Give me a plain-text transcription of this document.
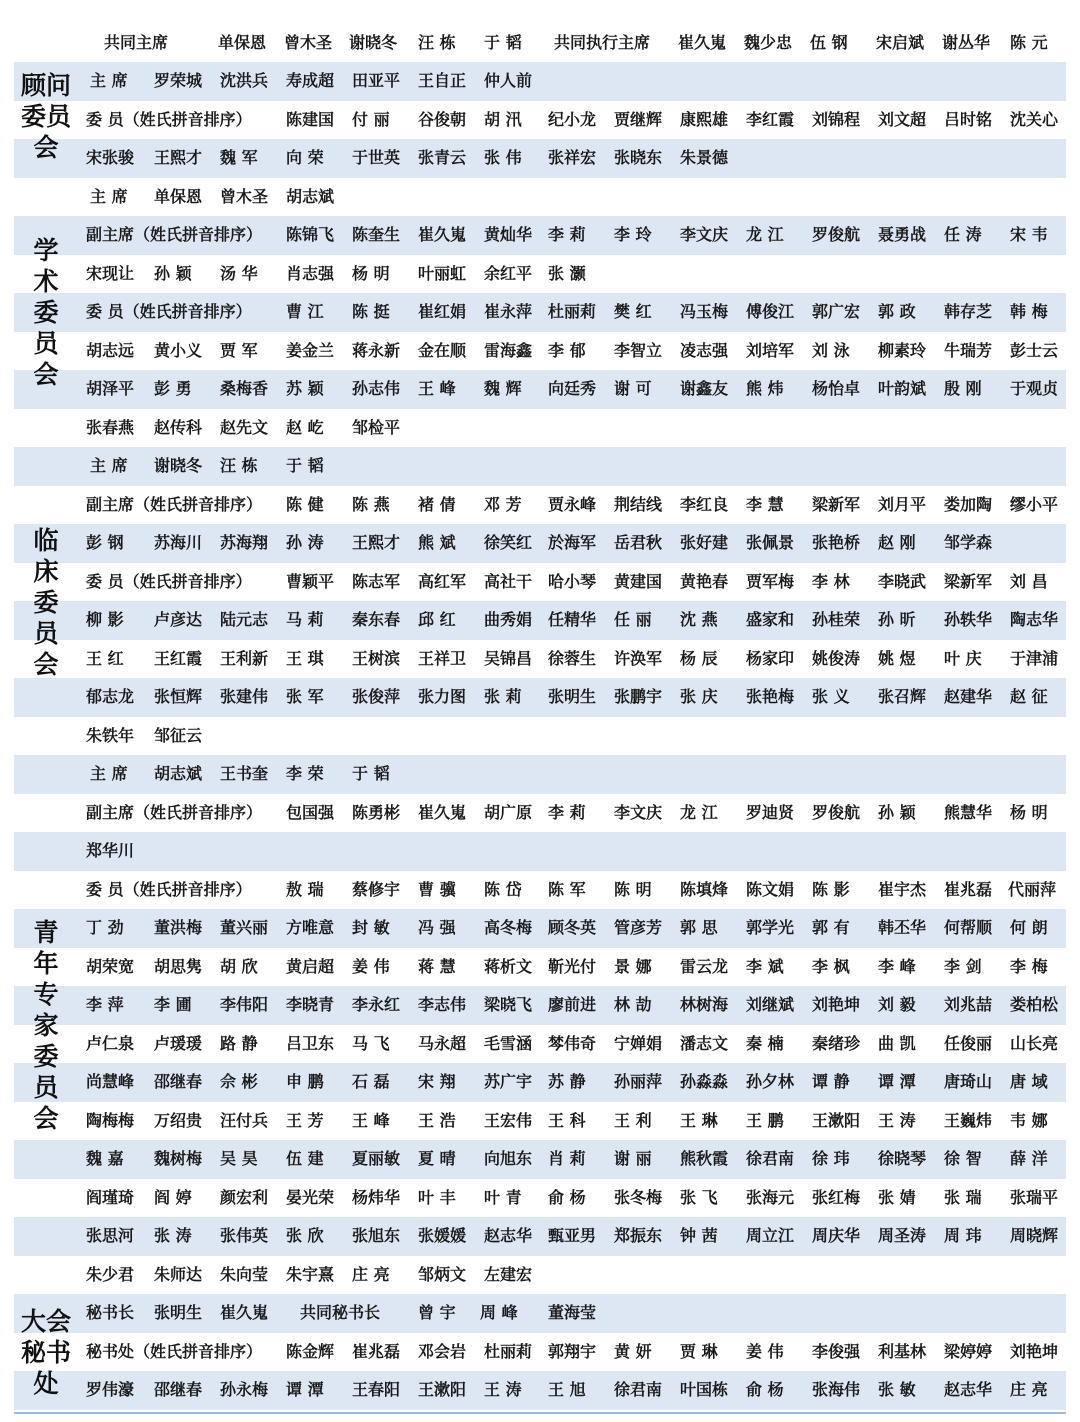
共同主席	单保恩 曾木圣 谢晓冬 汪 栋 于 韬 共同执行主席 崔久嵬 魏少忠 伍 钢 宋启斌 谢丛华 陈 元
主 席 罗荣城 沈洪兵 寿成超 田亚平 王自正 仲人前
委 员（姓氏拼音排序） 陈建国 付 丽 谷俊朝 胡 汛 纪小龙 贾继辉 康熙雄 李红霞 刘锦程 刘文超 吕时铭 沈关心
宋张骏 王熙才 魏 军 向 荣 于世英 张青云 张 伟 张祥宏 张晓东 朱景德
顾问
委员
会
主 席 单保恩 曾木圣 胡志斌
副主席（姓氏拼音排序） 陈锦飞 陈奎生 崔久嵬 黄灿华 李 莉 李 玲 李文庆 龙 江 罗俊航 聂勇战 任 涛 宋 韦
宋现让 孙 颖 汤 华 肖志强 杨 明 叶丽虹 余红平 张 灏
委 员（姓氏拼音排序） 曹 江 陈 挺 崔红娟 崔永萍 杜丽莉 樊 红 冯玉梅 傅俊江 郭广宏 郭 政 韩存芝 韩 梅
胡志远 黄小义 贾 军 姜金兰 蒋永新 金在顺 雷海鑫 李 郁 李智立 凌志强 刘培军 刘 泳 柳素玲 牛瑞芳 彭士云
胡泽平 彭 勇 桑梅香 苏 颖 孙志伟 王 峰 魏 辉 向廷秀 谢 可 谢鑫友 熊 炜 杨怡卓 叶韵斌 殷 刚 于观贞
张春燕 赵传科 赵先文 赵 屹 邹检平
学
术
委
员
会
主 席 谢晓冬 汪 栋 于 韬
副主席（姓氏拼音排序） 陈 健 陈 燕 褚 倩 邓 芳 贾永峰 荆结线 李红良 李 慧 梁新军 刘月平 娄加陶 缪小平
彭 钢 苏海川 苏海翔 孙 涛 王熙才 熊 斌 徐笑红 於海军 岳君秋 张好建 张佩景 张艳桥 赵 刚 邹学森
委 员（姓氏拼音排序） 曹颖平 陈志军 高红军 高社干 哈小琴 黄建国 黄艳春 贾军梅 李 林 李晓武 梁新军 刘 昌
柳 影 卢彦达 陆元志 马 莉 秦东春 邱 红 曲秀娟 任精华 任 丽 沈 燕 盛家和 孙桂荣 孙 昕 孙轶华 陶志华
王 红 王红霞 王利新 王 琪 王树滨 王祥卫 吴锦昌 徐蓉生 许涣军 杨 辰 杨家印 姚俊涛 姚 煜 叶 庆 于津浦
郁志龙 张恒辉 张建伟 张 军 张俊萍 张力图 张 莉 张明生 张鹏宇 张 庆 张艳梅 张 义 张召辉 赵建华 赵 征
朱铁年 邹征云
临
床
委
员
会
主 席 胡志斌 王书奎 李 荣 于 韬
副主席（姓氏拼音排序） 包国强 陈勇彬 崔久嵬 胡广原 李 莉 李文庆 龙 江 罗迪贤 罗俊航 孙 颖 熊慧华 杨 明
郑华川
委 员（姓氏拼音排序） 敖 瑞 蔡修宇 曹 骥 陈 岱 陈 军 陈 明 陈填烽 陈文娟 陈 影 崔宇杰 崔兆磊 代丽萍
丁 劲 董洪梅 董兴丽 方唯意 封 敏 冯 强 高冬梅 顾冬英 管彦芳 郭 思 郭学光 郭 有 韩丕华 何帮顺 何 朗
胡荣宽 胡思隽 胡 欣 黄启超 姜 伟 蒋 慧 蒋析文 靳光付 景 娜 雷云龙 李 斌 李 枫 李 峰 李 剑 李 梅
李 萍 李 圃 李伟阳 李晓青 李永红 李志伟 梁晓飞 廖前进 林 劼 林树海 刘继斌 刘艳坤 刘 毅 刘兆喆 娄柏松
卢仁泉 卢瑗瑗 路 静 吕卫东 马 飞 马永超 毛雪涵 棽伟奇 宁婵娟 潘志文 秦 楠 秦绪珍 曲 凯 任俊丽 山长亮
尚慧峰 邵继春 佘 彬 申 鹏 石 磊 宋 翔 苏广宇 苏 静 孙丽萍 孙淼淼 孙夕林 谭 静 谭 潭 唐琦山 唐 域
陶梅梅 万绍贵 汪付兵 王 芳 王 峰 王 浩 王宏伟 王 科 王 利 王 琳 王 鹏 王漱阳 王 涛 王巍炜 韦 娜
魏 嘉 魏树梅 吴 昊 伍 建 夏丽敏 夏 晴 向旭东 肖 莉 谢 丽 熊秋霞 徐君南 徐 玮 徐晓琴 徐 智 薛 洋
阎瑾琦 阎 婷 颜宏利 晏光荣 杨炜华 叶 丰 叶 青 俞 杨 张冬梅 张 飞 张海元 张红梅 张 婧 张 瑞 张瑞平
张思河 张 涛 张伟英 张 欣 张旭东 张媛媛 赵志华 甄亚男 郑振东 钟 茜 周立江 周庆华 周圣涛 周 玮 周晓辉
朱少君 朱师达 朱向莹 朱宇熹 庄 亮 邹炳文 左建宏
青
年
专
家
委
员
会
秘书长 张明生 崔久嵬 共同秘书长 曾 宇 周 峰 董海莹
秘书处（姓氏拼音排序） 陈金辉 崔兆磊 邓会岩 杜丽莉 郭翔宇 黄 妍 贾 琳 姜 伟 李俊强 利基林 梁婷婷 刘艳坤
罗伟濠 邵继春 孙永梅 谭 潭 王春阳 王漱阳 王 涛 王 旭 徐君南 叶国栋 俞 杨 张海伟 张 敏 赵志华 庄 亮
大会
秘书
处
